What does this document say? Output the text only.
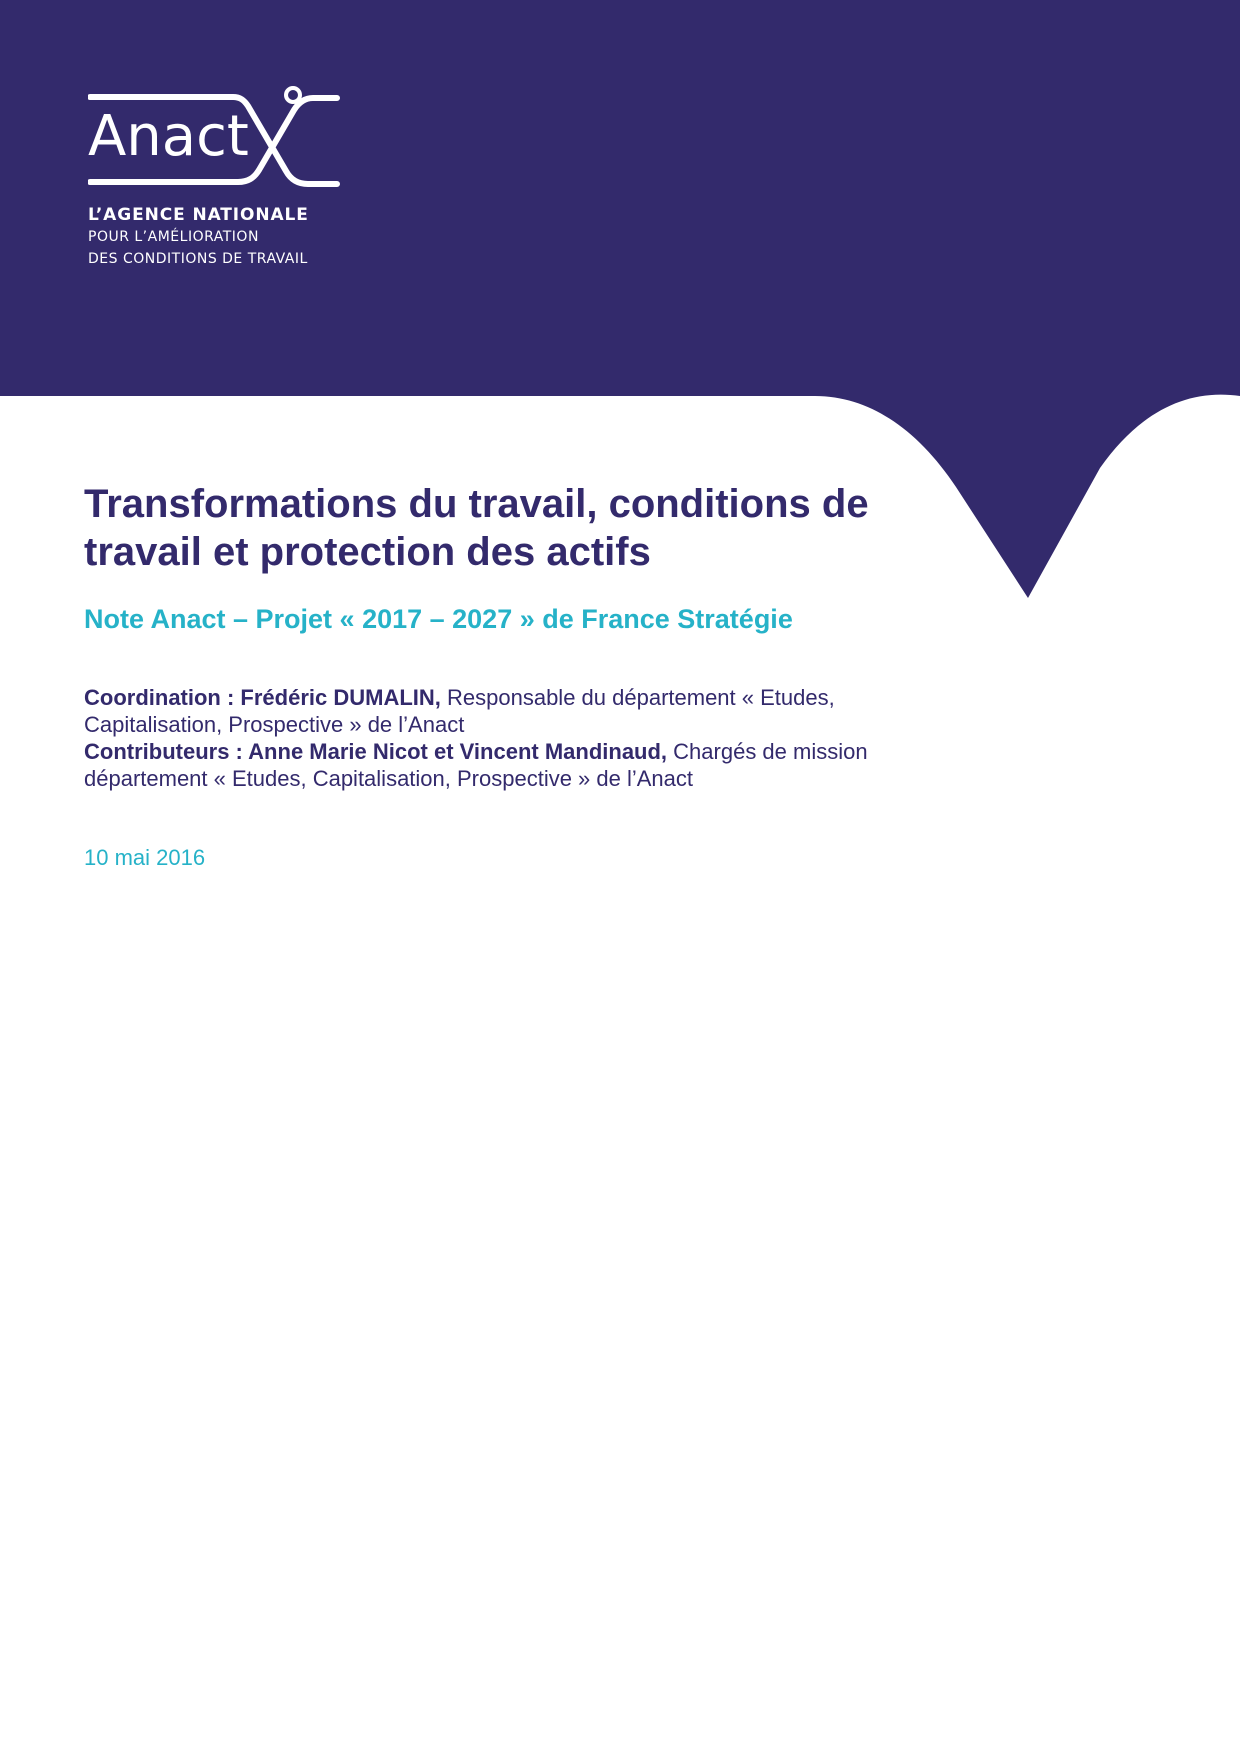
Anact
L’AGENCE NATIONALE
POUR L’AMÉLIORATION
DES CONDITIONS DE TRAVAIL
Transformations du travail, conditions de
travail et protection des actifs

Note Anact – Projet « 2017 – 2027 » de France Stratégie

Coordination : Frédéric DUMALIN, Responsable du département « Etudes, Capitalisation, Prospective » de l’Anact
Contributeurs : Anne Marie Nicot et Vincent Mandinaud, Chargés de mission département « Etudes, Capitalisation, Prospective » de l’Anact
10 mai 2016
